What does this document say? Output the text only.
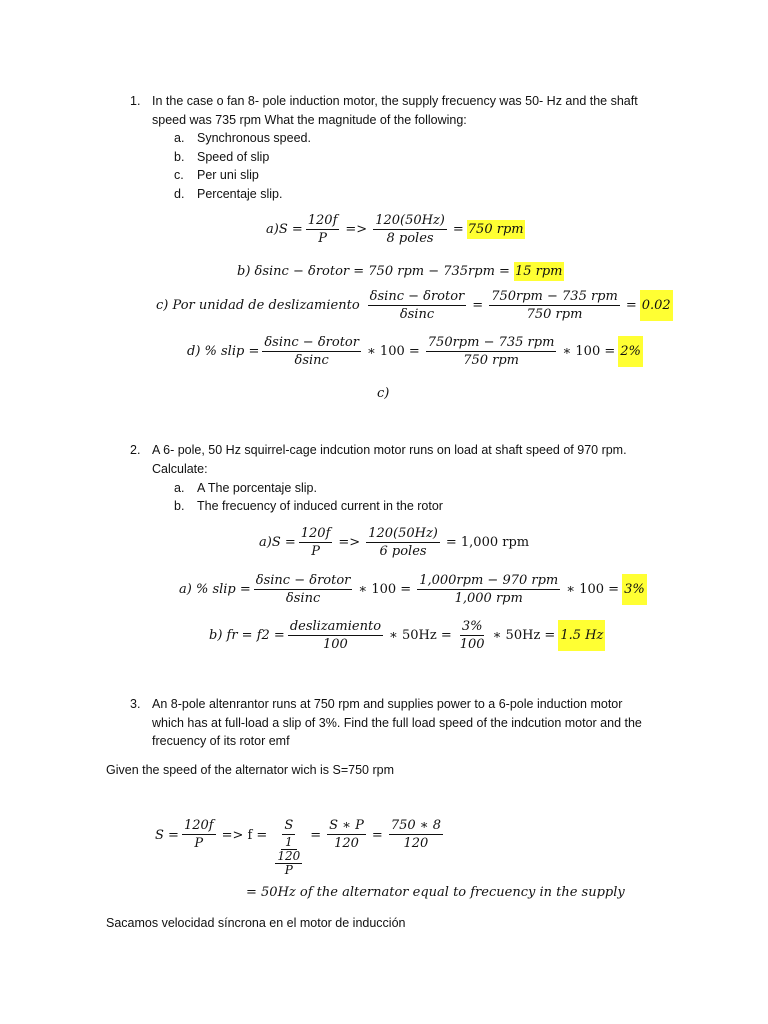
1. In the case o fan 8- pole induction motor, the supply frecuency was 50- Hz and the shaft
speed was 735 rpm What the magnitude of the following:
a. Synchronous speed.
b. Speed of slip
c. Per uni slip
d. Percentaje slip.
$a)S = \frac{120f}{P} => \frac{120(50Hz)}{\text{8 poles}} = 750$ rpm
b) δsinc − δrotor = 750 rpm − 735rpm = 15 rpm
c) Por unidad de deslizamiento $\frac{\text{δsinc − δrotor}}{\delta\sin c} = \frac{\text{750rpm − 735 rpm}}{\text{750 rpm}} = 0.02$
d) % slip = $\frac{\text{δsinc − δrotor}}{\delta\sin c}$ ∗ $100 = \frac{\text{750rpm − 735 rpm}}{\text{750 rpm}}$ ∗ 100 = 2%
c)
2. A 6- pole, 50 Hz squirrel-cage indcution motor runs on load at shaft speed of 970 rpm.
Calculate:
a. A The porcentaje slip.
b. The frecuency of induced current in the rotor
$a)S = \frac{120f}{P} => \frac{120(50Hz)}{\text{6 poles}} = 1,000$ rpm
a) % slip = $\frac{\text{δsinc − δrotor}}{\delta\sin c}$ ∗ $100 = \frac{\text{1,000rpm − 970 rpm}}{\text{1,000 rpm}}$ ∗ 100 = 3%
b) fr = $f2 = \frac{\text{deslizamiento}}{100}$ ∗ $50Hz = \frac{3\%}{100}$ ∗ 50Hz = 1.5 Hz
3. An 8-pole altenrantor runs at 750 rpm and supplies power to a 6-pole induction motor
which has at full-load a slip of 3%. Find the full load speed of the indcution motor and the
frecuency of its rotor emf
Given the speed of the alternator wich is S=750 rpm
$S = \frac{120f}{P} => f = S$
1
120
$P = \frac{S ∗ P}{120} = \frac{750 ∗ 8}{120}$
= 50Hz of the alternator equal to frecuency in the supply
Sacamos velocidad síncrona en el motor de inducción
